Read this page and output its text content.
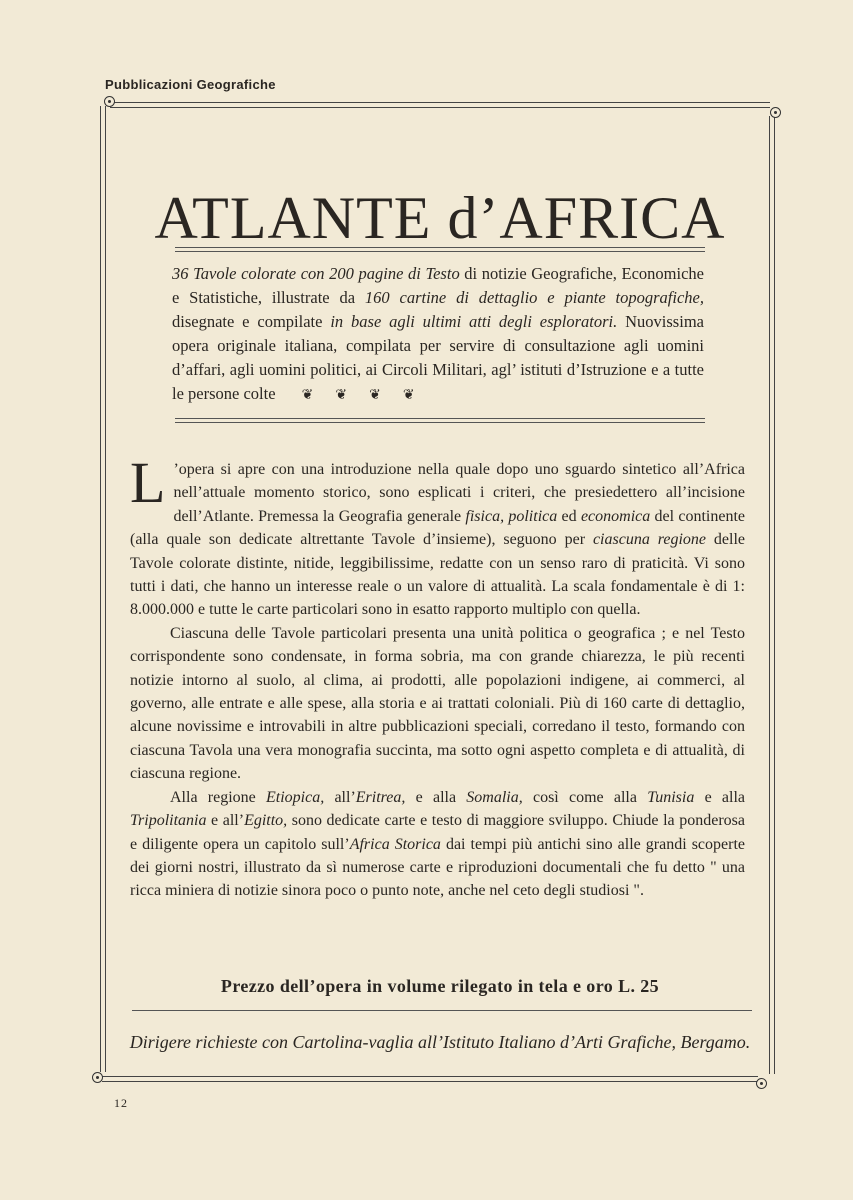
Pubblicazioni Geografiche
ATLANTE d’AFRICA
36 Tavole colorate con 200 pagine di Testo di notizie Geografiche, Economiche e Statistiche, illustrate da 160 cartine di dettaglio e piante topografiche, disegnate e compilate in base agli ultimi atti degli esploratori. Nuovissima opera originale italiana, compilata per servire di consultazione agli uomini d’affari, agli uomini politici, ai Circoli Militari, agl’ istituti d’Istruzione e a tutte le persone colte ❦ ❦ ❦ ❦

L ’opera si apre con una introduzione nella quale dopo uno sguardo sintetico all’Africa nell’attuale momento storico, sono esplicati i criteri, che presiedettero all’incisione dell’Atlante. Premessa la Geografia generale fisica, politica ed economica del continente (alla quale son dedicate altrettante Tavole d’insieme), seguono per ciascuna regione delle Tavole colorate distinte, nitide, leggibilissime, redatte con un senso raro di praticità. Vi sono tutti i dati, che hanno un interesse reale o un valore di attualità. La scala fondamentale è di 1: 8.000.000 e tutte le carte particolari sono in esatto rapporto multiplo con quella.

Ciascuna delle Tavole particolari presenta una unità politica o geografica ; e nel Testo corrispondente sono condensate, in forma sobria, ma con grande chiarezza, le più recenti notizie intorno al suolo, al clima, ai prodotti, alle popolazioni indigene, ai commerci, al governo, alle entrate e alle spese, alla storia e ai trattati coloniali. Più di 160 carte di dettaglio, alcune novissime e introvabili in altre pubblicazioni speciali, corredano il testo, formando con ciascuna Tavola una vera monografia succinta, ma sotto ogni aspetto completa e di attualità, di ciascuna regione.

Alla regione Etiopica, all’Eritrea, e alla Somalia, così come alla Tunisia e alla Tripolitania e all’Egitto, sono dedicate carte e testo di maggiore sviluppo. Chiude la ponderosa e diligente opera un capitolo sull’Africa Storica dai tempi più antichi sino alle grandi scoperte dei giorni nostri, illustrato da sì numerose carte e riproduzioni documentali che fu detto " una ricca miniera di notizie sinora poco o punto note, anche nel ceto degli studiosi ".

Prezzo dell’opera in volume rilegato in tela e oro L. 25
Dirigere richieste con Cartolina-vaglia all’Istituto Italiano d’Arti Grafiche, Bergamo.
12
